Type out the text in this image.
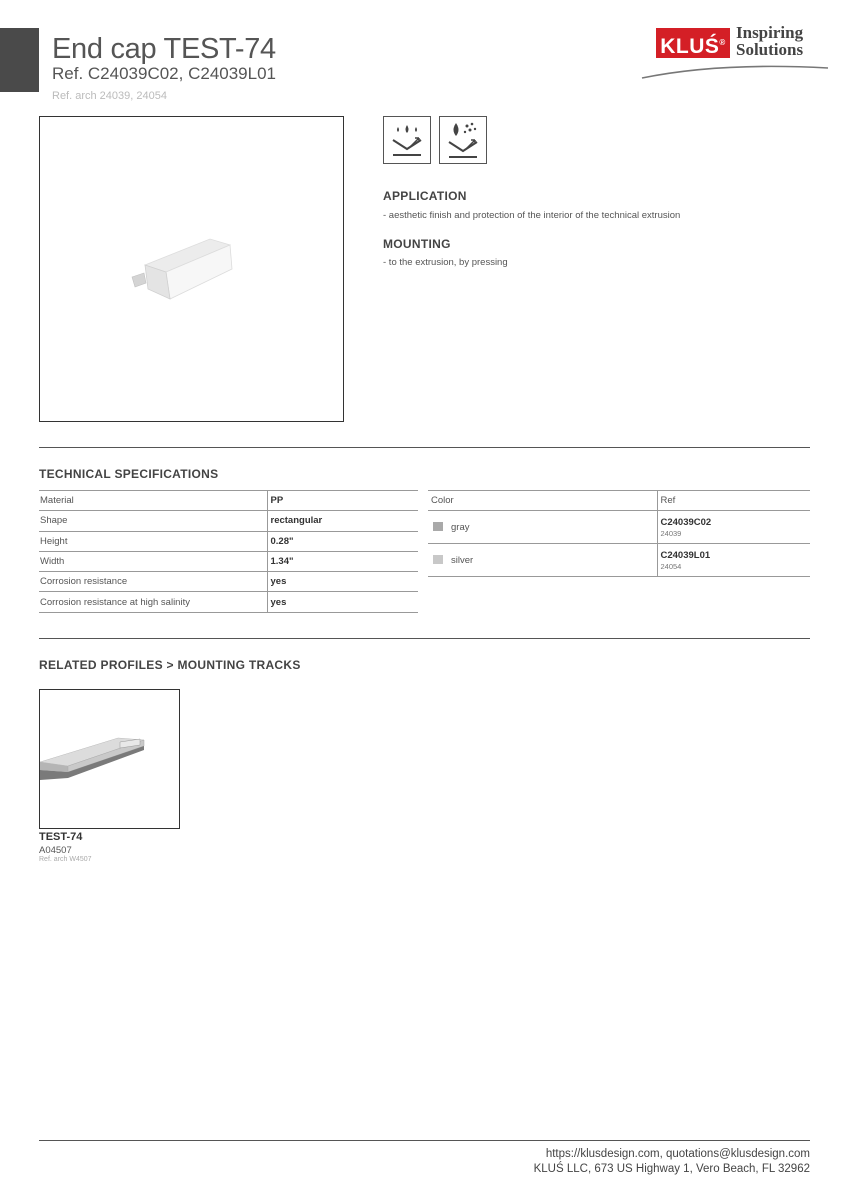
End cap TEST-74
Ref. C24039C02, C24039L01
Ref. arch 24039, 24054
KLUŚ®
Inspiring
Solutions
APPLICATION
- aesthetic finish and protection of the interior of the technical extrusion
MOUNTING
- to the extrusion, by pressing
TECHNICAL SPECIFICATIONS
Material	PP
Shape	rectangular
Height	0.28"
Width	1.34"
Corrosion resistance	yes
Corrosion resistance at high salinity	yes
Color	Ref
gray	C24039C02
24039

silver	C24039L01
24054
RELATED PROFILES > MOUNTING TRACKS
TEST-74
A04507
Ref. arch W4507
https://klusdesign.com, quotations@klusdesign.com
KLUŚ LLC, 673 US Highway 1, Vero Beach, FL 32962
